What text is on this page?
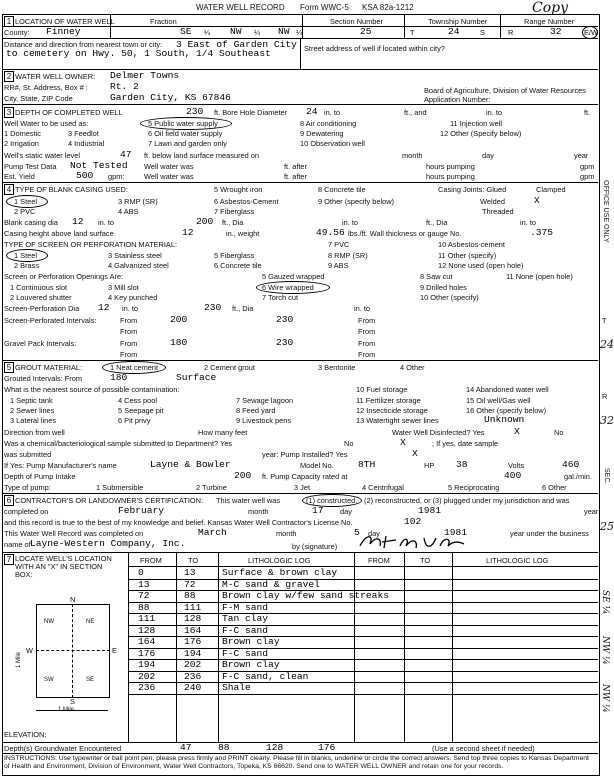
WATER WELL RECORD Form WWC-5 KSA 82a-1212	Copy
1 LOCATION OF WATER WELL	Fraction	Section Number	Township Number	Range Number
County: Finney	SE ¼ NW ¼ NW ¼	25	T	24	S	R	32	E/W
Distance and direction from nearest town or city: 3 East of Garden City
to cemetery on Hwy. 50, 1 South, 1/4 Southeast	Street address of well if located within city?
2 WATER WELL OWNER: Delmer Towns
RR#, St. Address, Box # : Rt. 2
City, State, ZIP Code	Garden City, KS 67846
Board of Agriculture, Division of Water Resources
Application Number:
3 DEPTH OF COMPLETED WELL	230 ft. Bore Hole Diameter 24 in. to	ft., and	in. to	ft.
Well Water to be used as:
1 Domestic
2 Irrigation
3 Feedlot
4 Industrial
5 Public water supply
6 Oil field water supply
7 Lawn and garden only
8 Air conditioning
9 Dewatering
10 Observation well
11 Injection well
12 Other (Specify below)
Well's static water level	47 ft. below land surface measured on	month	day	year
Pump Test Data Not Tested Well water was	ft. after	hours pumping	gpm
Est. Yield	500 gpm:	Well water was	ft. after	hours pumping	gpm
4 TYPE OF BLANK CASING USED:	5 Wrought iron	8 Concrete tile	Casing Joints: Glued	Clamped
1 Steel	3 RMP (SR)	6 Asbestos-Cement	9 Other (specify below)	Welded	X
2 PVC	4 ABS	7 Fiberglass	Threaded
Blank casing dia 12 in. to	200 ft., Dia	in. to	ft., Dia	in. to
Casing height above land surface	12	in., weight	49.56 lbs./ft. Wall thickness or gauge No.	.375
TYPE OF SCREEN OR PERFORATION MATERIAL:	7 PVC	10 Asbestos-cement
1 Steel	3 Stainless steel	5 Fiberglass	8 RMP (SR)	11 Other (specify)
2 Brass	4 Galvanized steel	6 Concrete tile	9 ABS	12 None used (open hole)
Screen or Perforation Openings Are:	5 Gauzed wrapped	8 Saw cut	11 None (open hole)
1 Continuous slot	3 Mill slot	6 Wire wrapped	9 Drilled holes
2 Louvered shutter	4 Key punched	7 Torch cut	10 Other (specify)
Screen-Perforation Dia 12 in. to	230 ft., Dia	in. to
Screen-Perforated Intervals:	From	200	230	From
From	From
Gravel Pack Intervals:	From	180	230	From
From	From
5 GROUT MATERIAL:	1 Neat cement	2 Cement grout	3 Bentonite	4 Other
Grouted Intervals: From	180	Surface
What is the nearest source of possible contamination:
1 Septic tank
2 Sewer lines
3 Lateral lines
4 Cess pool
5 Seepage pit
6 Pit privy
7 Sewage lagoon
8 Feed yard
9 Livestock pens
10 Fuel storage
11 Fertilizer storage
12 Insecticide storage
13 Watertight sewer lines
14 Abandoned water well
15 Oil well/Gas well
16 Other (specify below)
Unknown
Direction from well	How many feet	Water Well Disinfected? Yes	X	No
Was a chemical/bacteriological sample submitted to Department? Yes	No	X	; If yes, date sample
was submitted	year: Pump Installed? Yes	X
If Yes: Pump Manufacturer's name	Layne & Bowler	Model No.	8TH	HP 38	Volts	460
Depth of Pump Intake	200 ft. Pump Capacity rated at	400	gal./min.
Type of pump:	1 Submersible	2 Turbine	3 Jet	4 Centrifugal	5 Reciprocating	6 Other
6 CONTRACTOR'S OR LANDOWNER'S CERTIFICATION: This water well was	(1) constructed, (2) reconstructed, or (3) plugged under my jurisdiction and was
completed on	February	month	17 day	1981	year
and this record is true to the best of my knowledge and belief. Kansas Water Well Contractor's License No.	102
This Water Well Record was completed on	March	month	5 day	1981	year under the business
name of Layne-Western Company, Inc.	by (signature)
7 LOCATE WELL'S LOCATION WITH AN "X" IN SECTION BOX:
FROM	TO	LITHOLOGIC LOG	FROM	TO	LITHOLOGIC LOG
0	13	Surface & brown clay
13	72	M-C sand & gravel
72	88	Brown clay w/few sand streaks
88	111 F-M sand
111	128 Tan clay
128	164 F-C sand
164	176 Brown clay
176	194 F-C sand
194	202 Brown clay
202	236 F-C sand, clean
236	240 Shale
N
S
W	E
NW	NE
SW	SE
1 Mile
1 Mile
ELEVATION:
Depth(s) Groundwater Encountered	47	88	128	176	(Use a second sheet if needed)
INSTRUCTIONS: Use typewriter or ball point pen, please press firmly and PRINT clearly. Please fill in blanks, underline or circle the correct answers. Send top three copies to Kansas Department of Health and Environment, Division of Environment, Water Well Contractors, Topeka, KS 66620. Send one to WATER WELL OWNER and retain one for your records.
OFFICE USE ONLY
T
24
R
32
SEC.
25
SE ¼
NW ¼
NW ¼
